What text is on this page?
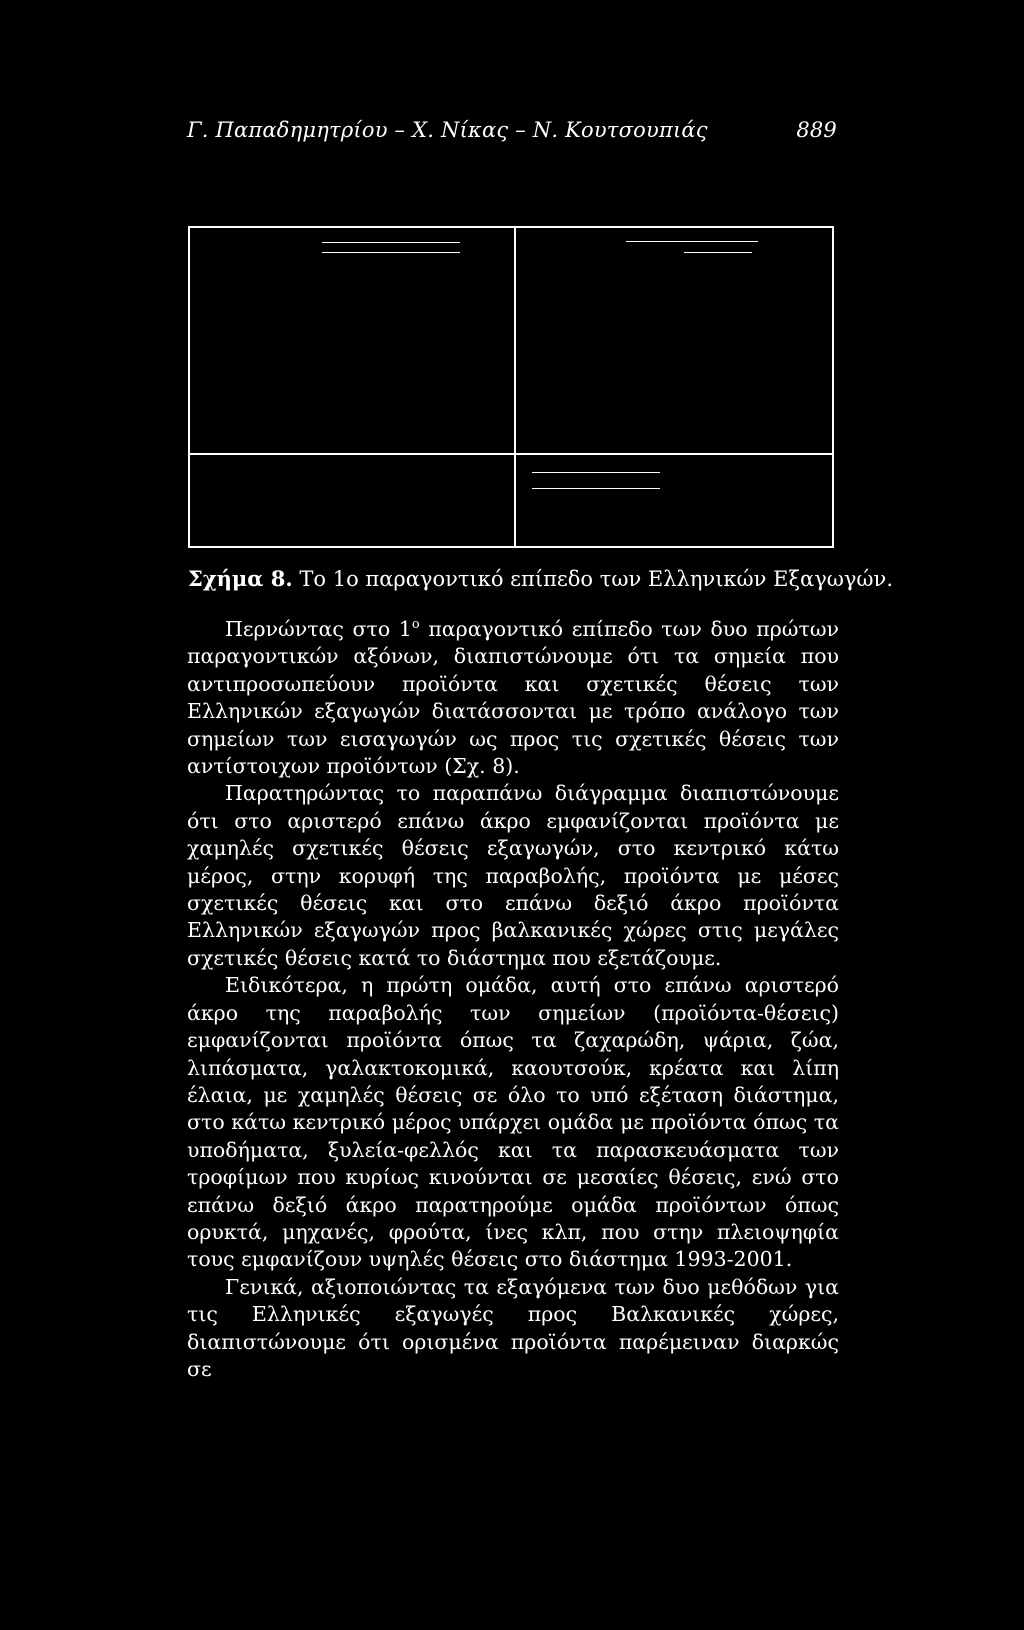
Γ. Παπαδημητρίου – Χ. Νίκας – Ν. Κουτσουπιάς	889
Σχήμα 8. Το 1ο παραγοντικό επίπεδο των Ελληνικών Εξαγωγών.

Περνώντας στο $1^o$ παραγοντικό επίπεδο των δυο πρώτων παραγοντικών αξόνων, διαπιστώνουμε ότι τα σημεία που αντιπροσωπεύουν προϊόντα και σχετικές θέσεις των Ελληνικών εξαγωγών διατάσσονται με τρόπο ανάλογο των σημείων των εισαγωγών ως προς τις σχετικές θέσεις των αντίστοιχων προϊόντων (Σχ. 8).

Παρατηρώντας το παραπάνω διάγραμμα διαπιστώνουμε ότι στο αριστερό επάνω άκρο εμφανίζονται προϊόντα με χαμηλές σχετικές θέσεις εξαγωγών, στο κεντρικό κάτω μέρος, στην κορυφή της παραβολής, προϊόντα με μέσες σχετικές θέσεις και στο επάνω δεξιό άκρο προϊόντα Ελληνικών εξαγωγών προς βαλκανικές χώρες στις μεγάλες σχετικές θέσεις κατά το διάστημα που εξετάζουμε.

Ειδικότερα, η πρώτη ομάδα, αυτή στο επάνω αριστερό άκρο της παραβολής των σημείων (προϊόντα-θέσεις) εμφανίζονται προϊόντα όπως τα ζαχαρώδη, ψάρια, ζώα, λιπάσματα, γαλακτοκομικά, καουτσούκ, κρέατα και λίπη έλαια, με χαμηλές θέσεις σε όλο το υπό εξέταση διάστημα, στο κάτω κεντρικό μέρος υπάρχει ομάδα με προϊόντα όπως τα υποδήματα, ξυλεία-φελλός και τα παρασκευάσματα των τροφίμων που κυρίως κινούνται σε μεσαίες θέσεις, ενώ στο επάνω δεξιό άκρο παρατηρούμε ομάδα προϊόντων όπως ορυκτά, μηχανές, φρούτα, ίνες κλπ, που στην πλειοψηφία τους εμφανίζουν υψηλές θέσεις στο διάστημα 1993-2001.

Γενικά, αξιοποιώντας τα εξαγόμενα των δυο μεθόδων για τις Ελληνικές εξαγωγές προς Βαλκανικές χώρες, διαπιστώνουμε ότι ορισμένα προϊόντα παρέμειναν διαρκώς σε
